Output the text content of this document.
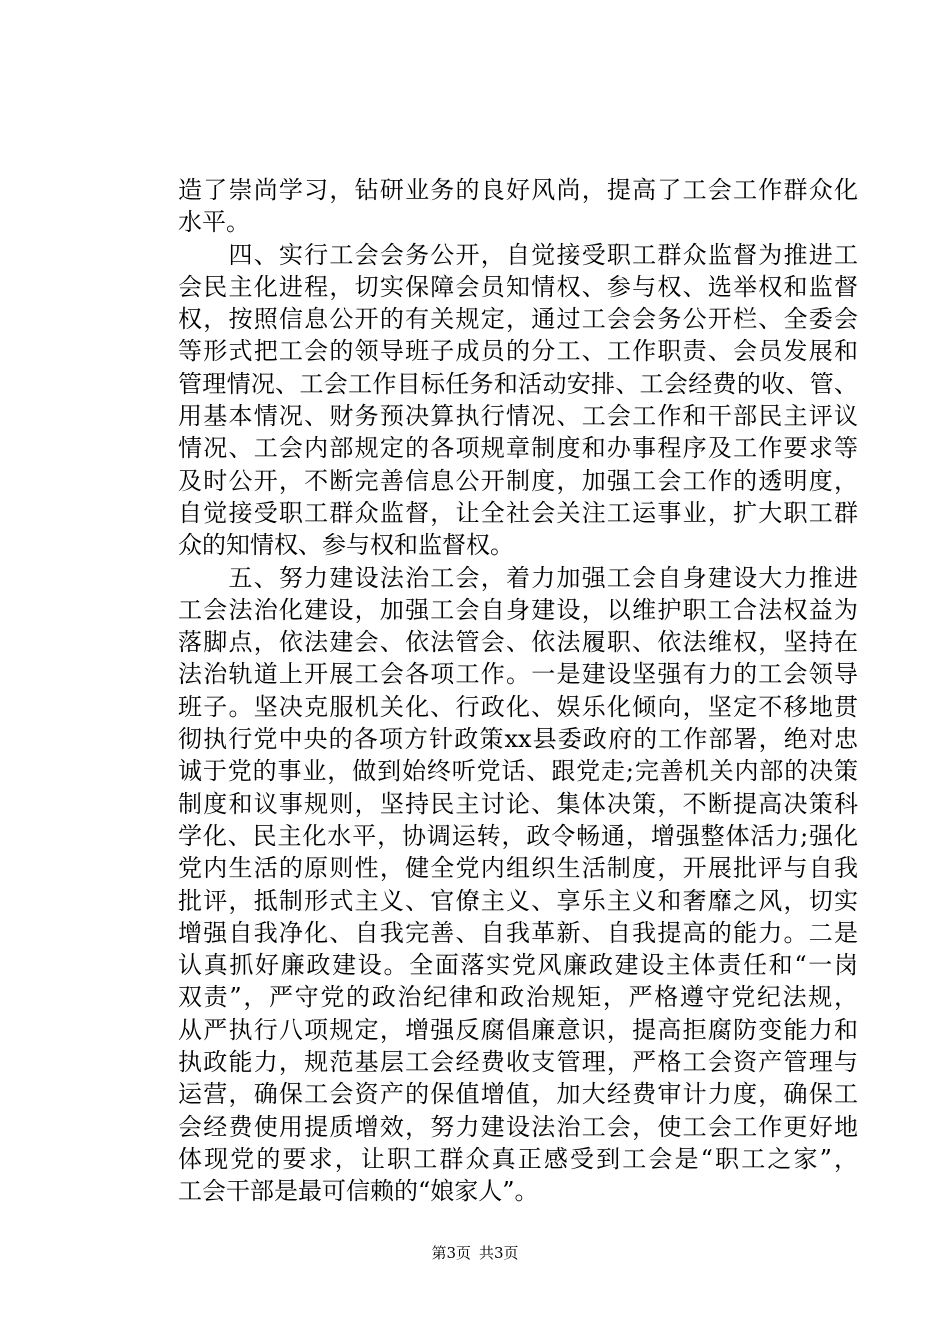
造了崇尚学习，钻研业务的良好风尚，提高了工会工作群众化
水平。
　　四、实行工会会务公开，自觉接受职工群众监督为推进工
会民主化进程，切实保障会员知情权、参与权、选举权和监督
权，按照信息公开的有关规定，通过工会会务公开栏、全委会
等形式把工会的领导班子成员的分工、工作职责、会员发展和
管理情况、工会工作目标任务和活动安排、工会经费的收、管、
用基本情况、财务预决算执行情况、工会工作和干部民主评议
情况、工会内部规定的各项规章制度和办事程序及工作要求等
及时公开，不断完善信息公开制度，加强工会工作的透明度，
自觉接受职工群众监督，让全社会关注工运事业，扩大职工群
众的知情权、参与权和监督权。
　　五、努力建设法治工会，着力加强工会自身建设大力推进
工会法治化建设，加强工会自身建设，以维护职工合法权益为
落脚点，依法建会、依法管会、依法履职、依法维权，坚持在
法治轨道上开展工会各项工作。一是建设坚强有力的工会领导
班子。坚决克服机关化、行政化、娱乐化倾向，坚定不移地贯
彻执行党中央的各项方针政策xx县委政府的工作部署，绝对忠
诚于党的事业，做到始终听党话、跟党走;完善机关内部的决策
制度和议事规则，坚持民主讨论、集体决策，不断提高决策科
学化、民主化水平，协调运转，政令畅通，增强整体活力;强化
党内生活的原则性，健全党内组织生活制度，开展批评与自我
批评，抵制形式主义、官僚主义、享乐主义和奢靡之风，切实
增强自我净化、自我完善、自我革新、自我提高的能力。二是
认真抓好廉政建设。全面落实党风廉政建设主体责任和“一岗
双责”，严守党的政治纪律和政治规矩，严格遵守党纪法规，
从严执行八项规定，增强反腐倡廉意识，提高拒腐防变能力和
执政能力，规范基层工会经费收支管理，严格工会资产管理与
运营，确保工会资产的保值增值，加大经费审计力度，确保工
会经费使用提质增效，努力建设法治工会，使工会工作更好地
体现党的要求，让职工群众真正感受到工会是“职工之家”，
工会干部是最可信赖的“娘家人”。
第3页 共3页
